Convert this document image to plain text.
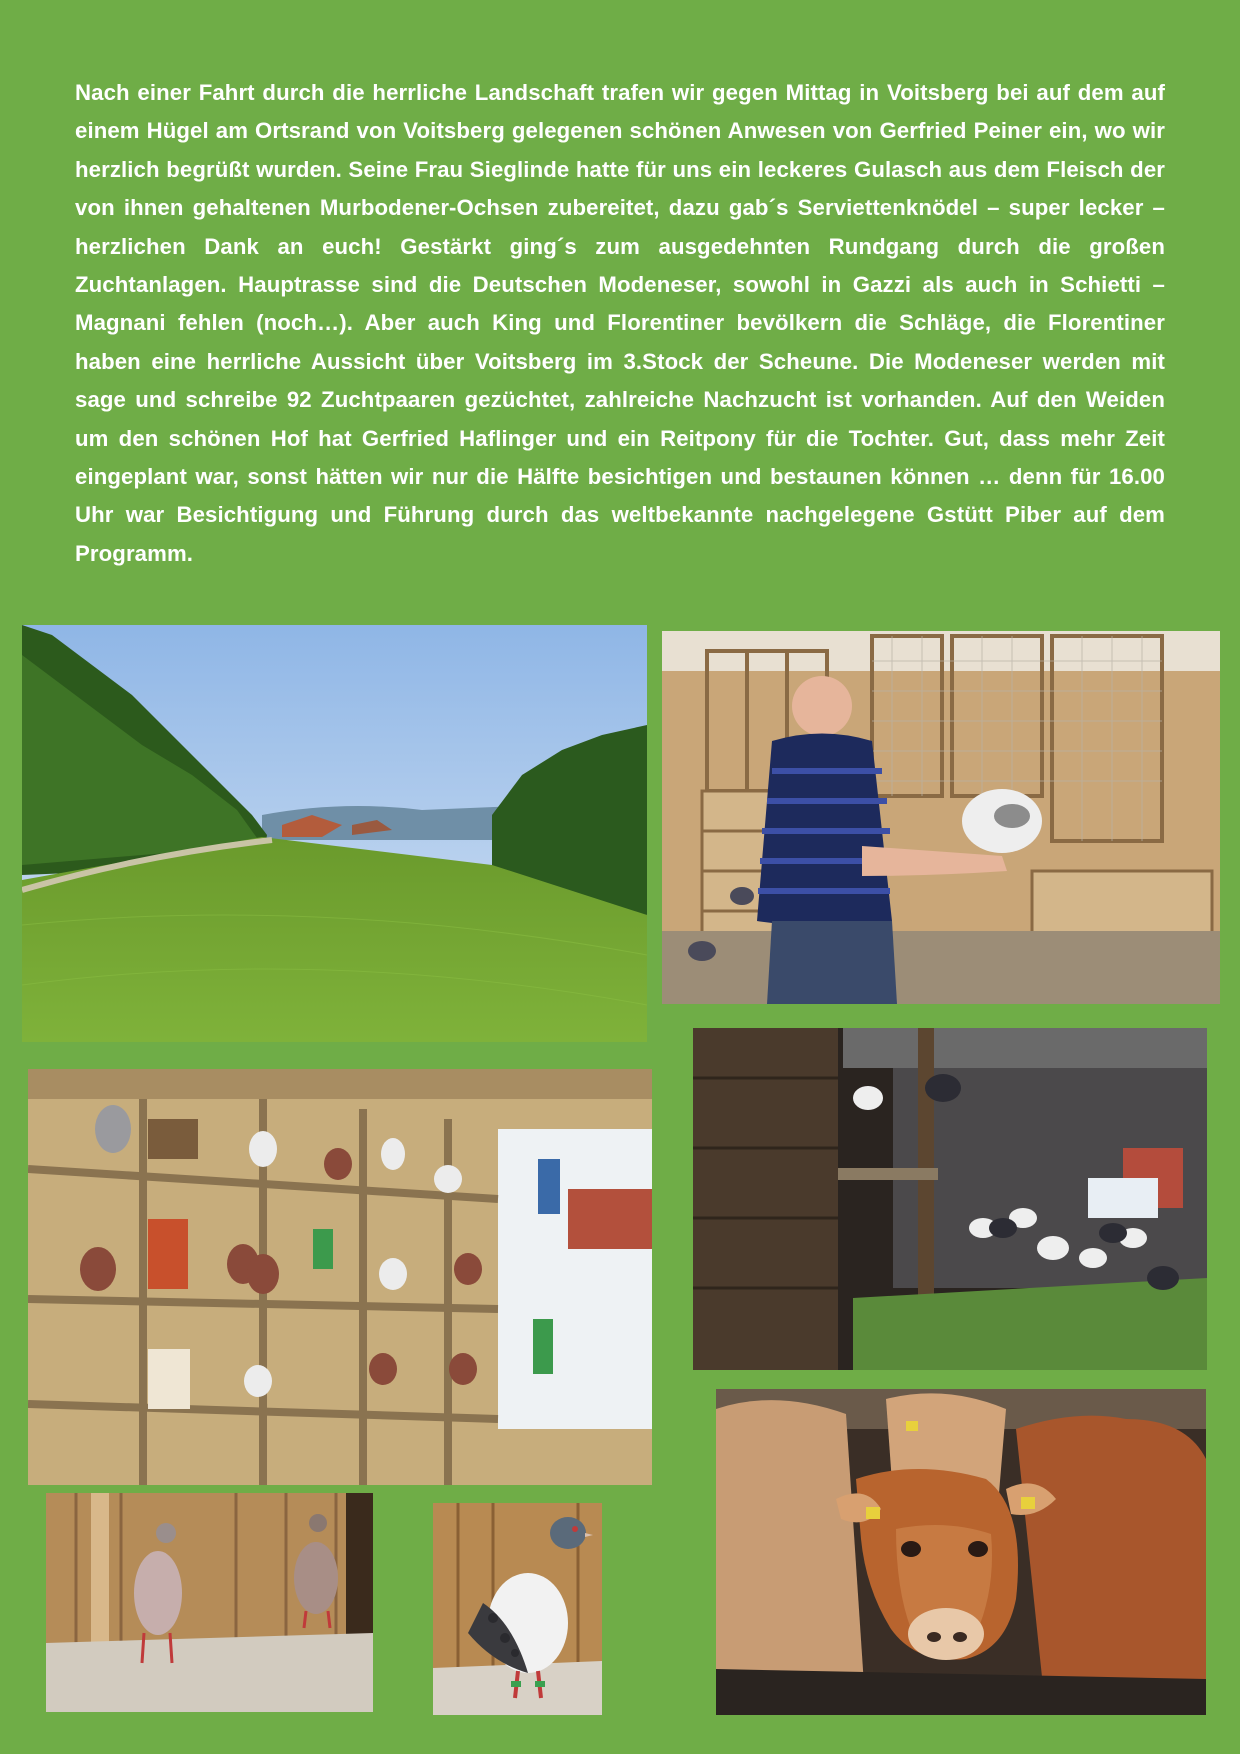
Nach einer Fahrt durch die herrliche Landschaft trafen wir gegen Mittag in Voitsberg bei auf dem auf einem Hügel am Ortsrand von Voitsberg gelegenen schönen Anwesen von Gerfried Peiner ein, wo wir herzlich begrüßt wurden. Seine Frau Sieglinde hatte für uns ein leckeres Gulasch aus dem Fleisch der von ihnen gehaltenen Murbodener-Ochsen zubereitet, dazu gab´s Serviettenknödel – super lecker – herzlichen Dank an euch! Gestärkt ging´s zum ausgedehnten Rundgang durch die großen Zuchtanlagen. Hauptrasse sind die Deutschen Modeneser, sowohl in Gazzi als auch in Schietti – Magnani fehlen (noch…). Aber auch King und Florentiner bevölkern die Schläge, die Florentiner haben eine herrliche Aussicht über Voitsberg im 3.Stock der Scheune. Die Modeneser werden mit sage und schreibe 92 Zuchtpaaren gezüchtet, zahlreiche Nachzucht ist vorhanden. Auf den Weiden um den schönen Hof hat Gerfried Haflinger und ein Reitpony für die Tochter. Gut, dass mehr Zeit eingeplant war, sonst hätten wir nur die Hälfte besichtigen und bestaunen können … denn für 16.00 Uhr war Besichtigung und Führung durch das weltbekannte nachgelegene Gstütt Piber auf dem Programm.
